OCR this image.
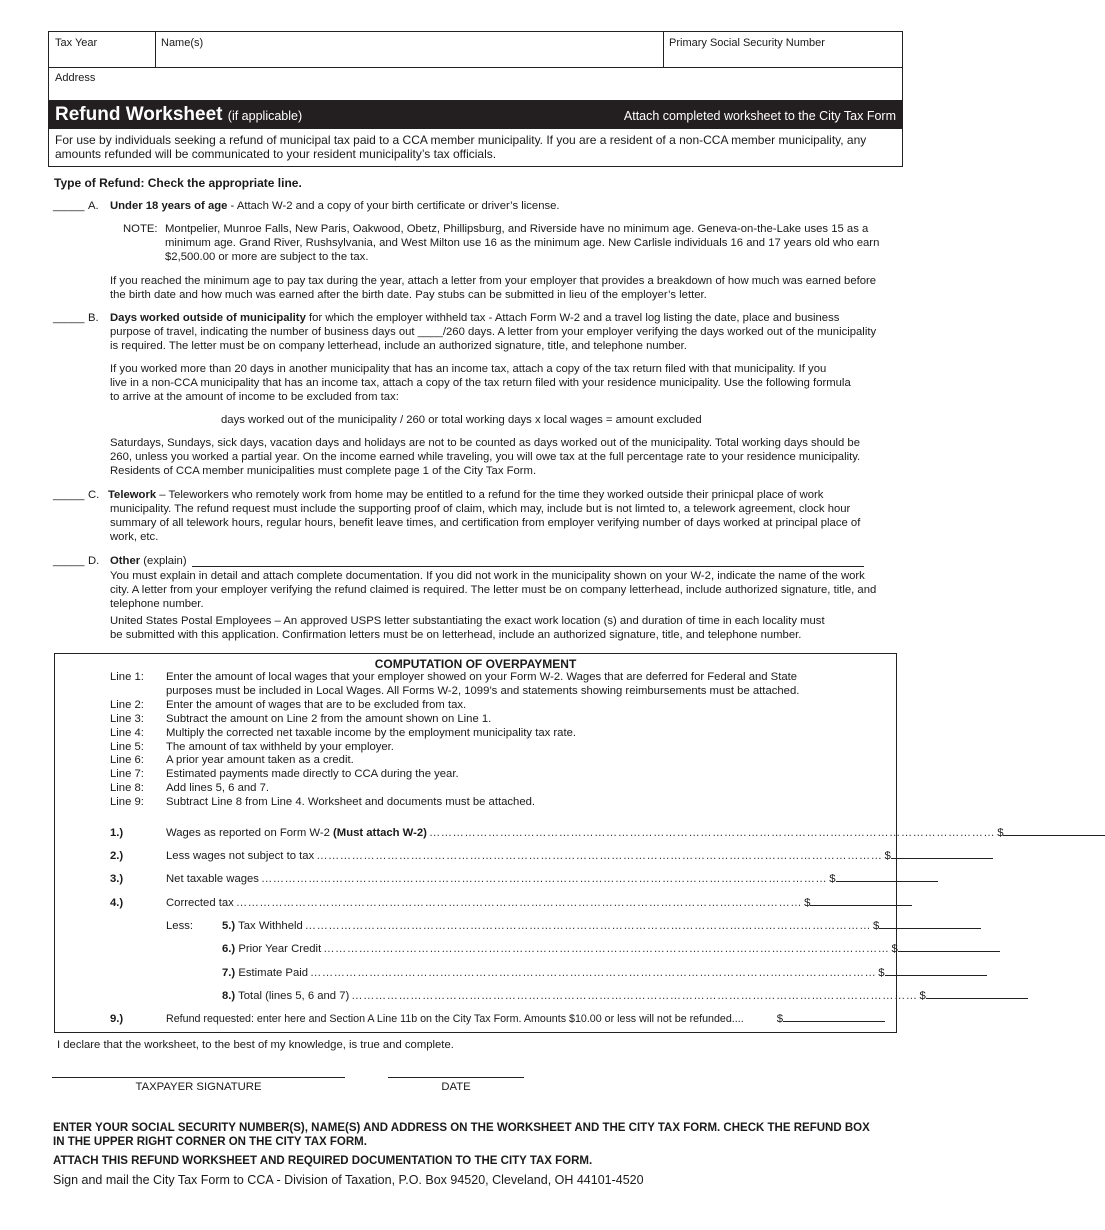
Tax Year	Name(s)	Primary Social Security Number
Address
Refund Worksheet (if applicable)	Attach completed worksheet to the City Tax Form
For use by individuals seeking a refund of municipal tax paid to a CCA member municipality. If you are a resident of a non-CCA member municipality, any amounts refunded will be communicated to your resident municipality’s tax officials.
Type of Refund: Check the appropriate line.
_____ A. Under 18 years of age - Attach W-2 and a copy of your birth certificate or driver’s license.
NOTE: Montpelier, Munroe Falls, New Paris, Oakwood, Obetz, Phillipsburg, and Riverside have no minimum age. Geneva-on-the-Lake uses 15 as a
minimum age. Grand River, Rushsylvania, and West Milton use 16 as the minimum age. New Carlisle individuals 16 and 17 years old who earn
$2,500.00 or more are subject to the tax.
If you reached the minimum age to pay tax during the year, attach a letter from your employer that provides a breakdown of how much was earned before
the birth date and how much was earned after the birth date. Pay stubs can be submitted in lieu of the employer’s letter.
_____ B. Days worked outside of municipality for which the employer withheld tax - Attach Form W-2 and a travel log listing the date, place and business
purpose of travel, indicating the number of business days out ____/260 days. A letter from your employer verifying the days worked out of the municipality
is required. The letter must be on company letterhead, include an authorized signature, title, and telephone number.
If you worked more than 20 days in another municipality that has an income tax, attach a copy of the tax return filed with that municipality. If you
live in a non-CCA municipality that has an income tax, attach a copy of the tax return filed with your residence municipality. Use the following formula
to arrive at the amount of income to be excluded from tax:
days worked out of the municipality / 260 or total working days x local wages = amount excluded
Saturdays, Sundays, sick days, vacation days and holidays are not to be counted as days worked out of the municipality. Total working days should be
260, unless you worked a partial year. On the income earned while traveling, you will owe tax at the full percentage rate to your residence municipality.
Residents of CCA member municipalities must complete page 1 of the City Tax Form.
_____ C. Telework – Teleworkers who remotely work from home may be entitled to a refund for the time they worked outside their prinicpal place of work
municipality. The refund request must include the supporting proof of claim, which may, include but is not limted to, a telework agreement, clock hour
summary of all telework hours, regular hours, benefit leave times, and certification from employer verifying number of days worked at principal place of
work, etc.
_____ D. Other (explain)
You must explain in detail and attach complete documentation. If you did not work in the municipality shown on your W-2, indicate the name of the work
city. A letter from your employer verifying the refund claimed is required. The letter must be on company letterhead, include authorized signature, title, and
telephone number.
United States Postal Employees – An approved USPS letter substantiating the exact work location (s) and duration of time in each locality must
be submitted with this application. Confirmation letters must be on letterhead, include an authorized signature, title, and telephone number.
COMPUTATION OF OVERPAYMENT
Line 1:	Enter the amount of local wages that your employer showed on your Form W-2. Wages that are deferred for Federal and State
purposes must be included in Local Wages. All Forms W-2, 1099’s and statements showing reimbursements must be attached.
Line 2:	Enter the amount of wages that are to be excluded from tax.
Line 3:	Subtract the amount on Line 2 from the amount shown on Line 1.
Line 4:	Multiply the corrected net taxable income by the employment municipality tax rate.
Line 5:	The amount of tax withheld by your employer.
Line 6:	A prior year amount taken as a credit.
Line 7:	Estimated payments made directly to CCA during the year.
Line 8:	Add lines 5, 6 and 7.
Line 9:	Subtract Line 8 from Line 4. Worksheet and documents must be attached.
1.)	Wages as reported on Form W-2 (Must attach W-2) ……………………………………………………………………………………………………………………………… $
2.)	Less wages not subject to tax ……………………………………………………………………………………………………………………………… $
3.)	Net taxable wages ……………………………………………………………………………………………………………………………… $
4.)	Corrected tax ……………………………………………………………………………………………………………………………… $
Less:	5.) Tax Withheld ……………………………………………………………………………………………………………………………… $
6.) Prior Year Credit ……………………………………………………………………………………………………………………………… $
7.) Estimate Paid ……………………………………………………………………………………………………………………………… $
8.) Total (lines 5, 6 and 7) ……………………………………………………………………………………………………………………………… $
9.)	Refund requested: enter here and Section A Line 11b on the City Tax Form. Amounts $10.00 or less will not be refunded....	$
I declare that the worksheet, to the best of my knowledge, is true and complete.
TAXPAYER SIGNATURE	DATE
ENTER YOUR SOCIAL SECURITY NUMBER(S), NAME(S) AND ADDRESS ON THE WORKSHEET AND THE CITY TAX FORM. CHECK THE REFUND BOX
IN THE UPPER RIGHT CORNER ON THE CITY TAX FORM.
ATTACH THIS REFUND WORKSHEET AND REQUIRED DOCUMENTATION TO THE CITY TAX FORM.
Sign and mail the City Tax Form to CCA - Division of Taxation, P.O. Box 94520, Cleveland, OH 44101-4520
